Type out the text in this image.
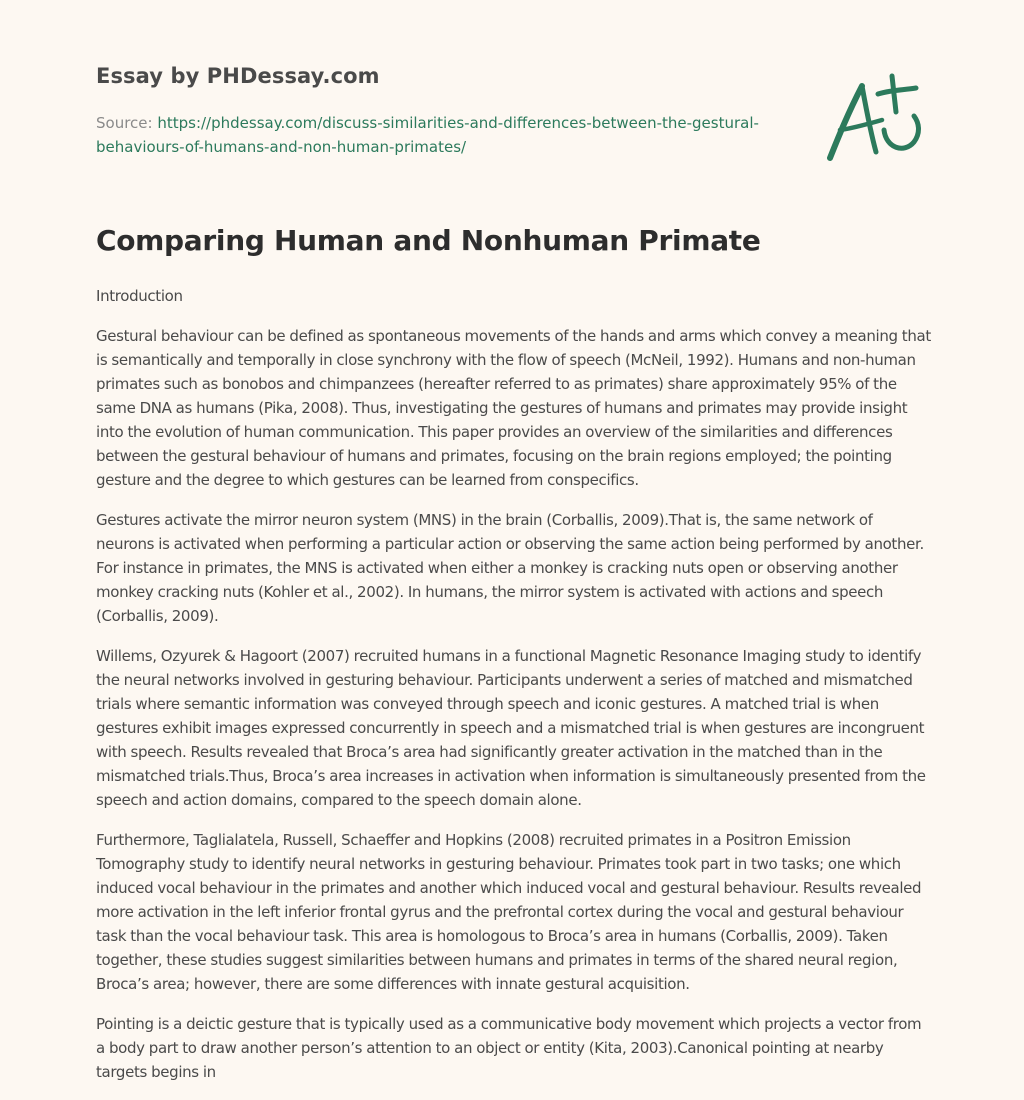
Essay by PHDessay.com
Source: https://phdessay.com/discuss-similarities-and-differences-between-the-gestural-behaviours-of-humans-and-non-human-primates/
Comparing Human and Nonhuman Primate

Introduction

Gestural behaviour can be defined as spontaneous movements of the hands and arms which convey a meaning that is semantically and temporally in close synchrony with the flow of speech (McNeil, 1992). Humans and non-human primates such as bonobos and chimpanzees (hereafter referred to as primates) share approximately 95% of the same DNA as humans (Pika, 2008). Thus, investigating the gestures of humans and primates may provide insight into the evolution of human communication. This paper provides an overview of the similarities and differences between the gestural behaviour of humans and primates, focusing on the brain regions employed; the pointing gesture and the degree to which gestures can be learned from conspecifics.

Gestures activate the mirror neuron system (MNS) in the brain (Corballis, 2009).That is, the same network of neurons is activated when performing a particular action or observing the same action being performed by another. For instance in primates, the MNS is activated when either a monkey is cracking nuts open or observing another monkey cracking nuts (Kohler et al., 2002). In humans, the mirror system is activated with actions and speech (Corballis, 2009).

Willems, Ozyurek & Hagoort (2007) recruited humans in a functional Magnetic Resonance Imaging study to identify the neural networks involved in gesturing behaviour. Participants underwent a series of matched and mismatched trials where semantic information was conveyed through speech and iconic gestures. A matched trial is when gestures exhibit images expressed concurrently in speech and a mismatched trial is when gestures are incongruent with speech. Results revealed that Broca’s area had significantly greater activation in the matched than in the mismatched trials.Thus, Broca’s area increases in activation when information is simultaneously presented from the speech and action domains, compared to the speech domain alone.

Furthermore, Taglialatela, Russell, Schaeffer and Hopkins (2008) recruited primates in a Positron Emission Tomography study to identify neural networks in gesturing behaviour. Primates took part in two tasks; one which induced vocal behaviour in the primates and another which induced vocal and gestural behaviour. Results revealed more activation in the left inferior frontal gyrus and the prefrontal cortex during the vocal and gestural behaviour task than the vocal behaviour task. This area is homologous to Broca’s area in humans (Corballis, 2009). Taken together, these studies suggest similarities between humans and primates in terms of the shared neural region, Broca’s area; however, there are some differences with innate gestural acquisition.

Pointing is a deictic gesture that is typically used as a communicative body movement which projects a vector from a body part to draw another person’s attention to an object or entity (Kita, 2003).Canonical pointing at nearby targets begins in
